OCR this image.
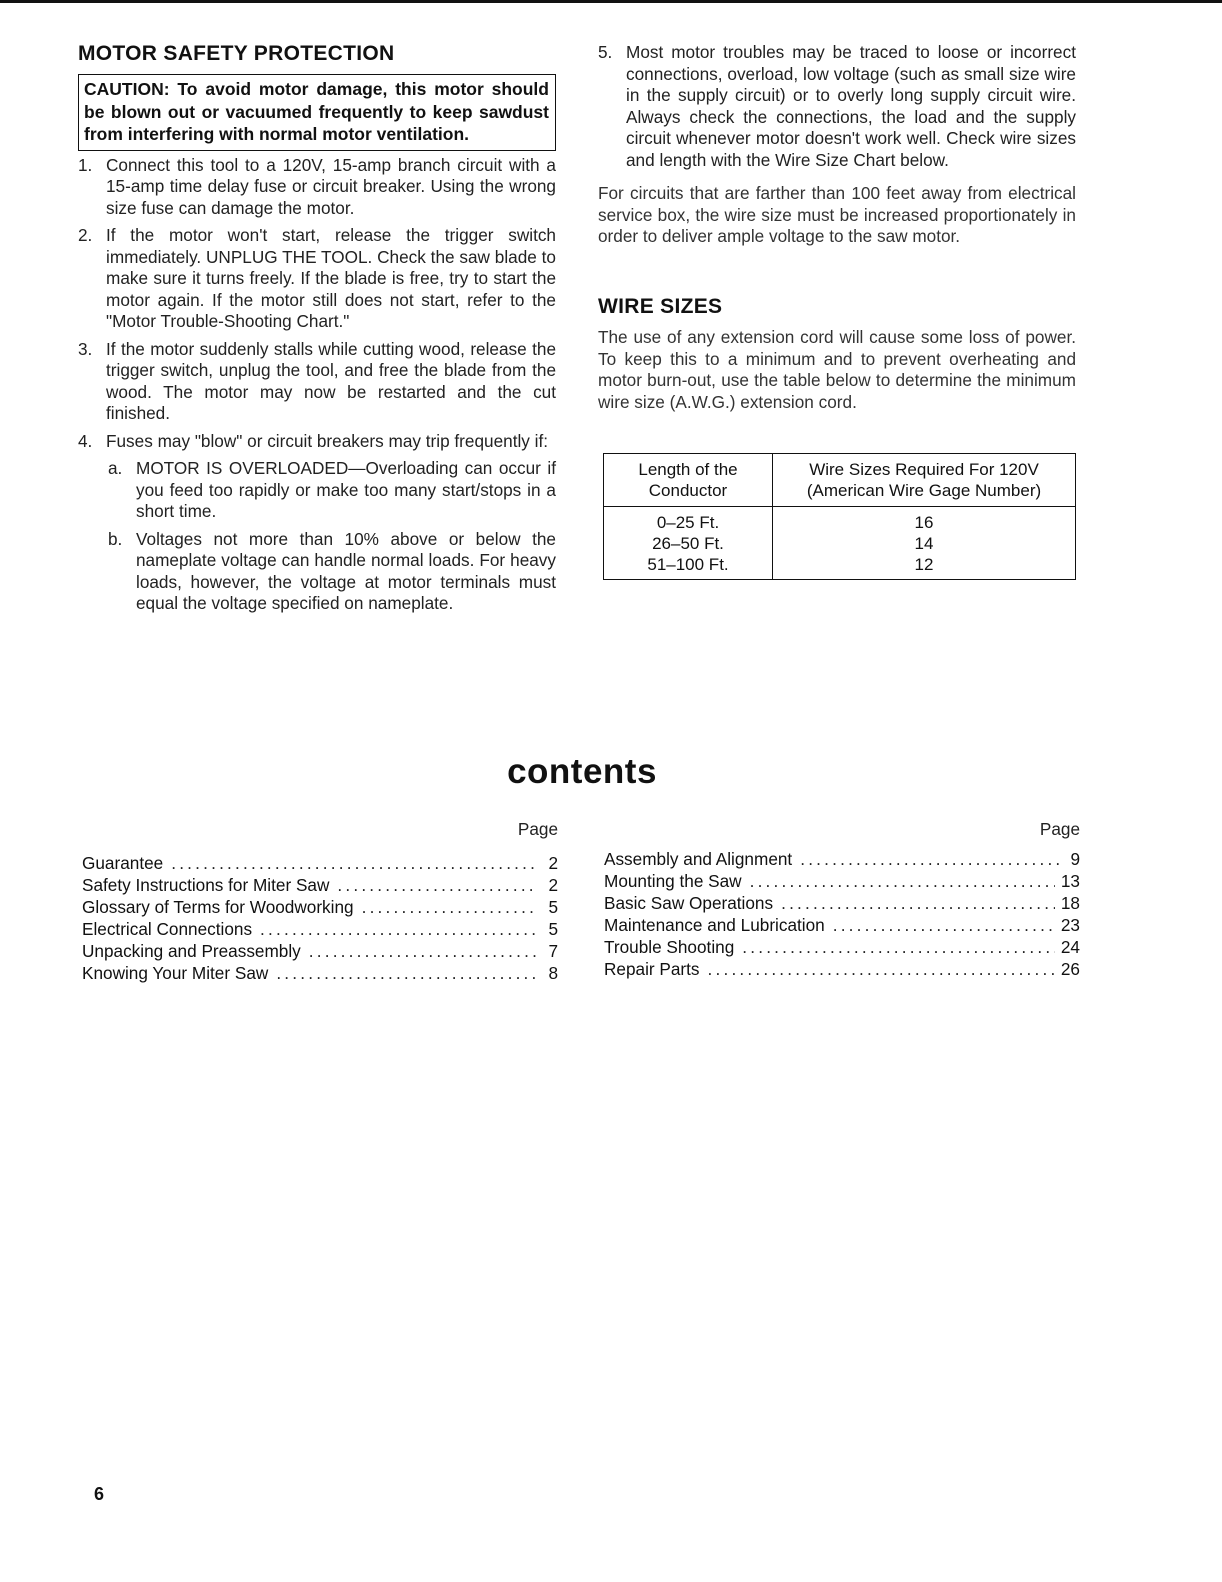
MOTOR SAFETY PROTECTION
CAUTION: To avoid motor damage, this motor should be blown out or vacuumed frequently to keep sawdust from interfering with normal motor ventilation.
1. Connect this tool to a 120V, 15-amp branch circuit with a 15-amp time delay fuse or circuit breaker. Using the wrong size fuse can damage the motor.
2. If the motor won't start, release the trigger switch immediately. UNPLUG THE TOOL. Check the saw blade to make sure it turns freely. If the blade is free, try to start the motor again. If the motor still does not start, refer to the "Motor Trouble-Shooting Chart."
3. If the motor suddenly stalls while cutting wood, release the trigger switch, unplug the tool, and free the blade from the wood. The motor may now be restarted and the cut finished.
4. Fuses may "blow" or circuit breakers may trip frequently if:
a. MOTOR IS OVERLOADED—Overloading can occur if you feed too rapidly or make too many start/stops in a short time.
b. Voltages not more than 10% above or below the nameplate voltage can handle normal loads. For heavy loads, however, the voltage at motor terminals must equal the voltage specified on nameplate.
5. Most motor troubles may be traced to loose or incorrect connections, overload, low voltage (such as small size wire in the supply circuit) or to overly long supply circuit wire. Always check the connections, the load and the supply circuit whenever motor doesn't work well. Check wire sizes and length with the Wire Size Chart below.

For circuits that are farther than 100 feet away from electrical service box, the wire size must be increased proportionately in order to deliver ample voltage to the saw motor.

WIRE SIZES

The use of any extension cord will cause some loss of power. To keep this to a minimum and to prevent overheating and motor burn-out, use the table below to determine the minimum wire size (A.W.G.) extension cord.

Length of the Conductor	Wire Sizes Required For 120V (American Wire Gage Number)
0–25 Ft.	16
26–50 Ft.	14
51–100 Ft.	12
contents
Page
Guarantee .....	2
Safety Instructions for Miter Saw .....	2
Glossary of Terms for Woodworking .....	5
Electrical Connections .....	5
Unpacking and Preassembly .....	7
Knowing Your Miter Saw .....	8
Page
Assembly and Alignment .....	9
Mounting the Saw .....	13
Basic Saw Operations .....	18
Maintenance and Lubrication .....	23
Trouble Shooting .....	24
Repair Parts .....	26
6
